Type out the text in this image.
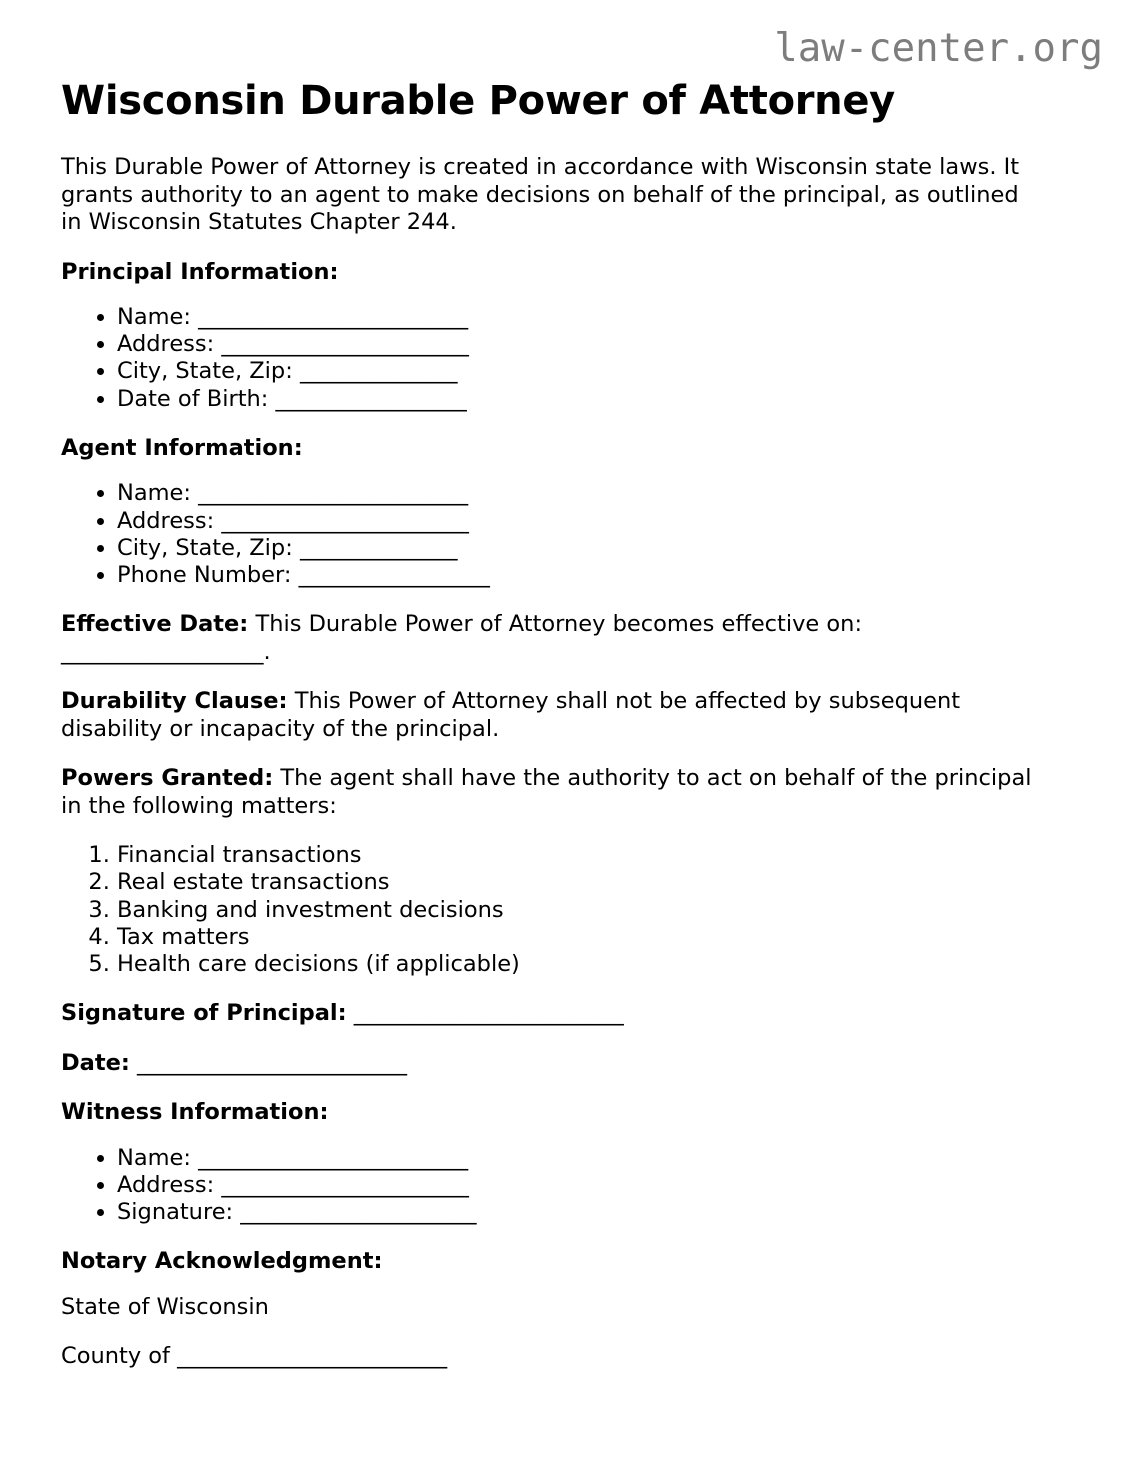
law-center.org
Wisconsin Durable Power of Attorney

This Durable Power of Attorney is created in accordance with Wisconsin state laws. It grants authority to an agent to make decisions on behalf of the principal, as outlined in Wisconsin Statutes Chapter 244.

Principal Information:
• Name: ________________________
• Address: ______________________
• City, State, Zip: ______________
• Date of Birth: _________________
Agent Information:
• Name: ________________________
• Address: ______________________
• City, State, Zip: ______________
• Phone Number: _________________

Effective Date: This Durable Power of Attorney becomes effective on: __________________.

Durability Clause: This Power of Attorney shall not be affected by subsequent disability or incapacity of the principal.

Powers Granted: The agent shall have the authority to act on behalf of the principal in the following matters:

1. Financial transactions
2. Real estate transactions
3. Banking and investment decisions
4. Tax matters
5. Health care decisions (if applicable)

Signature of Principal: ________________________

Date: ________________________

Witness Information:
• Name: ________________________
• Address: ______________________
• Signature: _____________________
Notary Acknowledgment:

State of Wisconsin

County of ________________________
